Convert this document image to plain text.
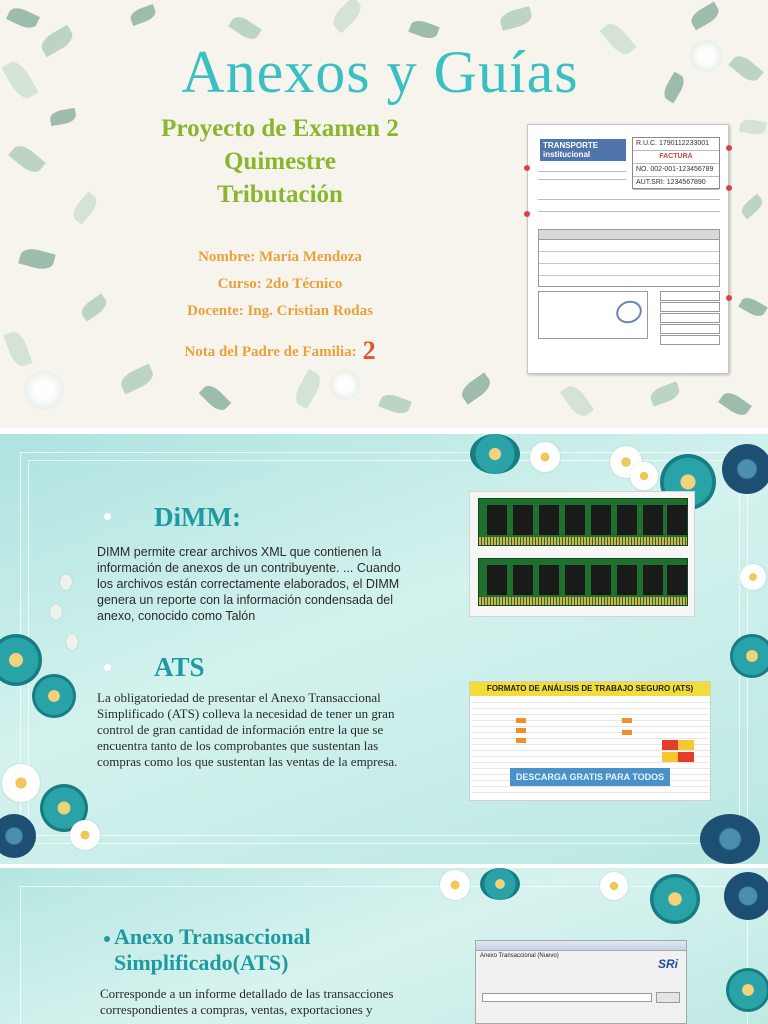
Anexos y Guías
Proyecto de Examen 2
Quimestre
Tributación
Nombre: María Mendoza
Curso: 2do Técnico
Docente: Ing. Cristian Rodas
Nota del Padre de Familia: 2
TRANSPORTE institucional
R.U.C. 1790112233001
FACTURA
NO. 002-001-123456789
AUT.SRI: 1234567890
DiMM:
DIMM permite crear archivos XML que contienen la información de anexos de un contribuyente. ... Cuando los archivos están correctamente elaborados, el DIMM genera un reporte con la información condensada del anexo, conocido como Talón
ATS
La obligatoriedad de presentar el Anexo Transaccional Simplificado (ATS) colleva la necesidad de tener un gran control de gran cantidad de información entre la que se encuentra tanto de los comprobantes que sustentan las compras como los que sustentan las ventas de la empresa.
FORMATO DE ANÁLISIS DE TRABAJO SEGURO (ATS)
DESCARGA GRATIS PARA TODOS
Anexo Transaccional
Simplificado(ATS)
Corresponde a un informe detallado de las transacciones
correspondientes a compras, ventas, exportaciones y
Anexo Transaccional (Nuevo)
SRi
